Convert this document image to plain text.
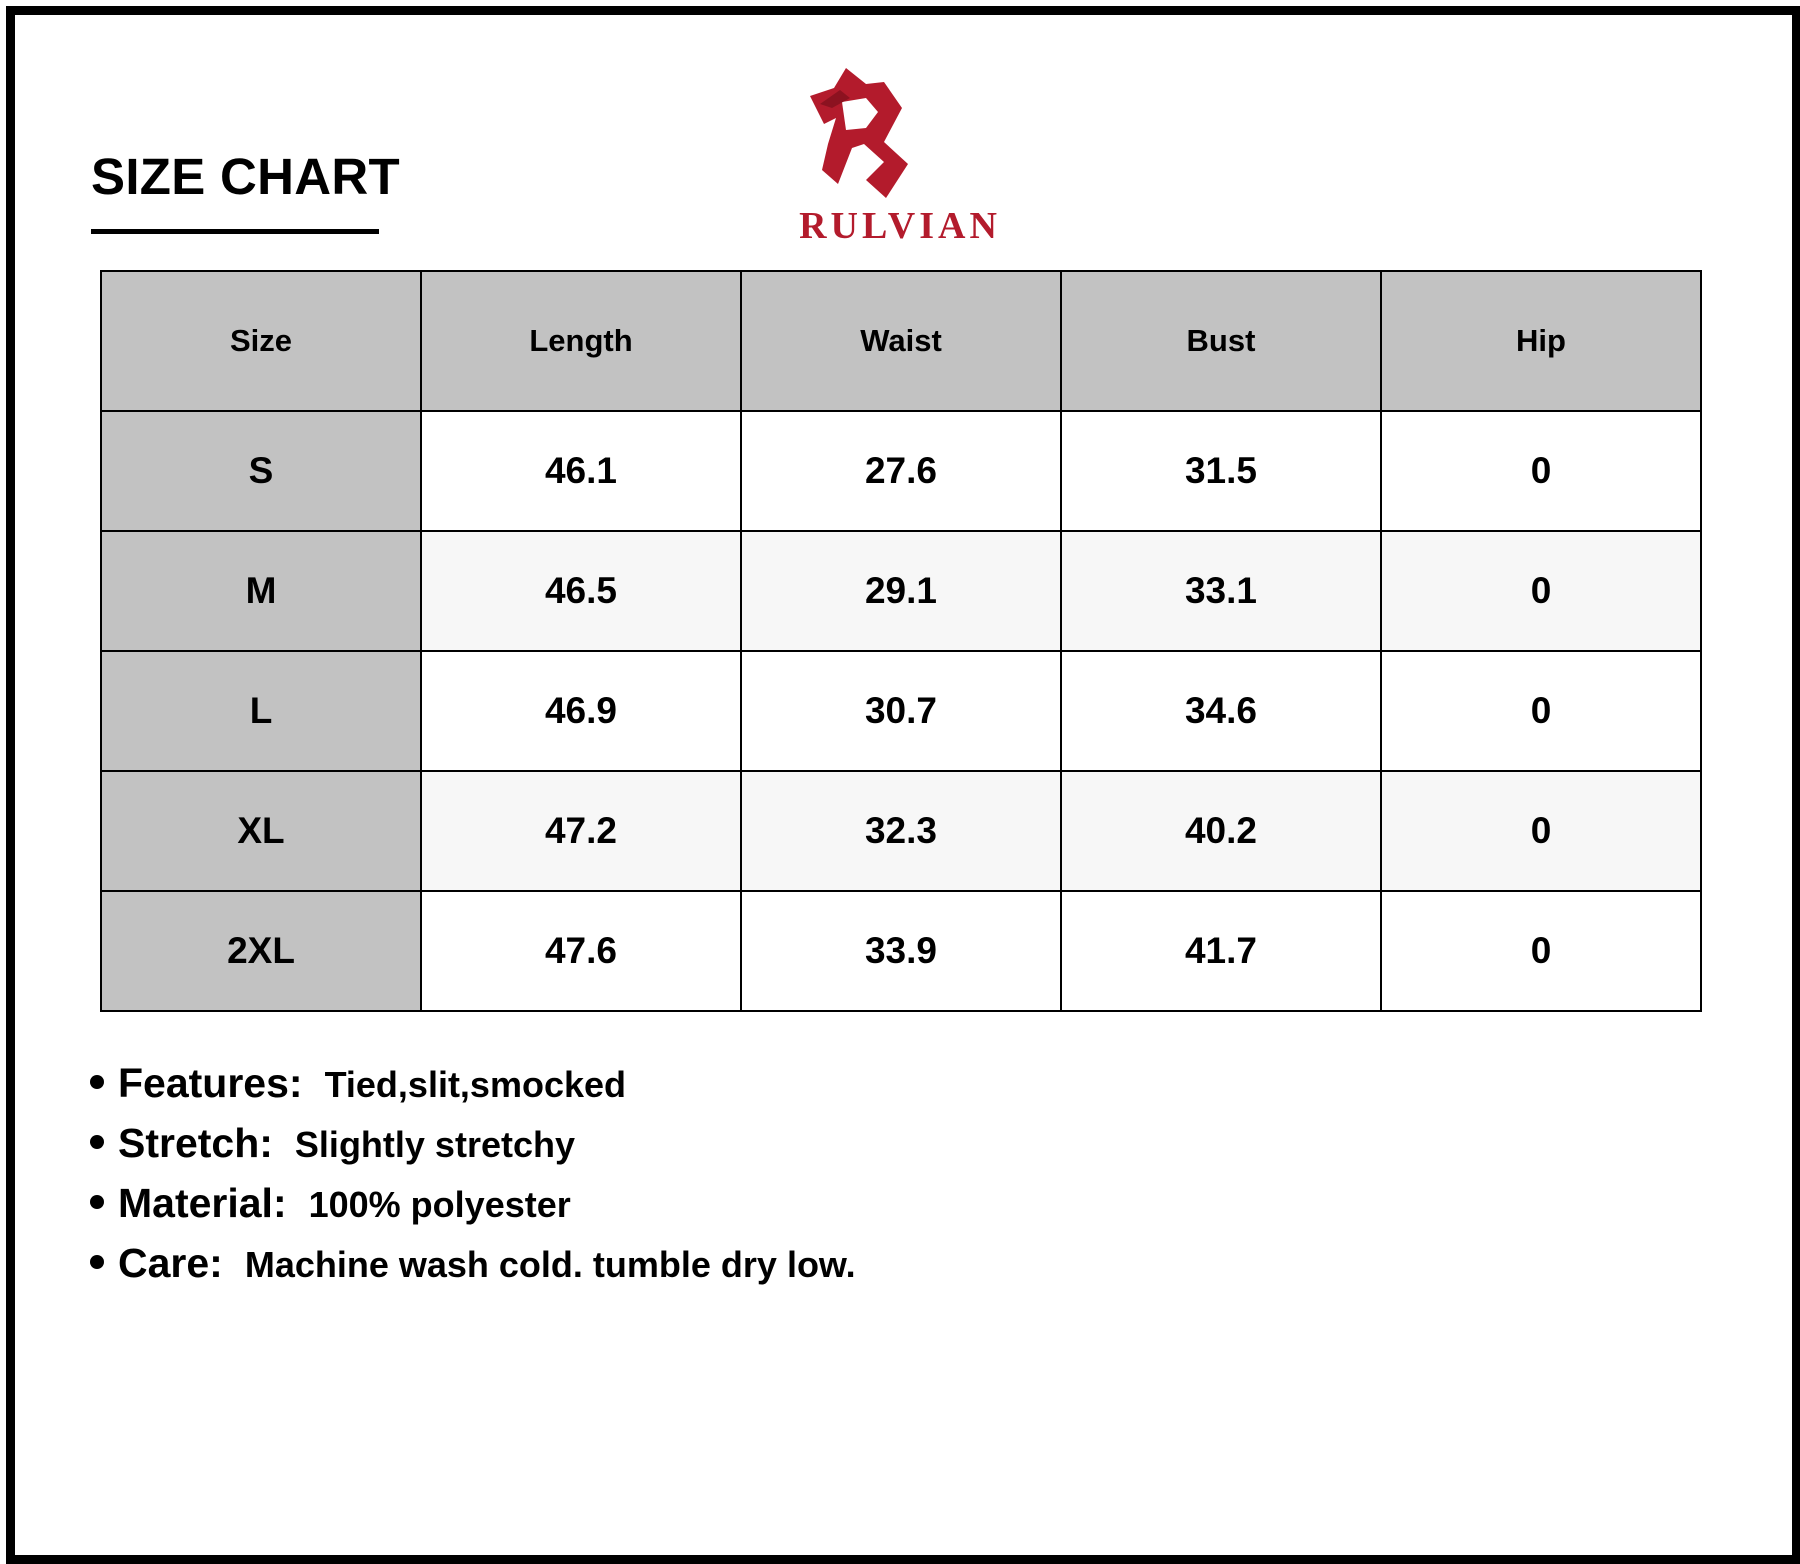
SIZE CHART
RULVIAN
Size	Length	Waist	Bust	Hip
S	46.1	27.6	31.5	0
M	46.5	29.1	33.1	0
L	46.9	30.7	34.6	0
XL	47.2	32.3	40.2	0
2XL	47.6	33.9	41.7	0
Features: Tied,slit,smocked
Stretch: Slightly stretchy
Material: 100% polyester
Care: Machine wash cold. tumble dry low.
